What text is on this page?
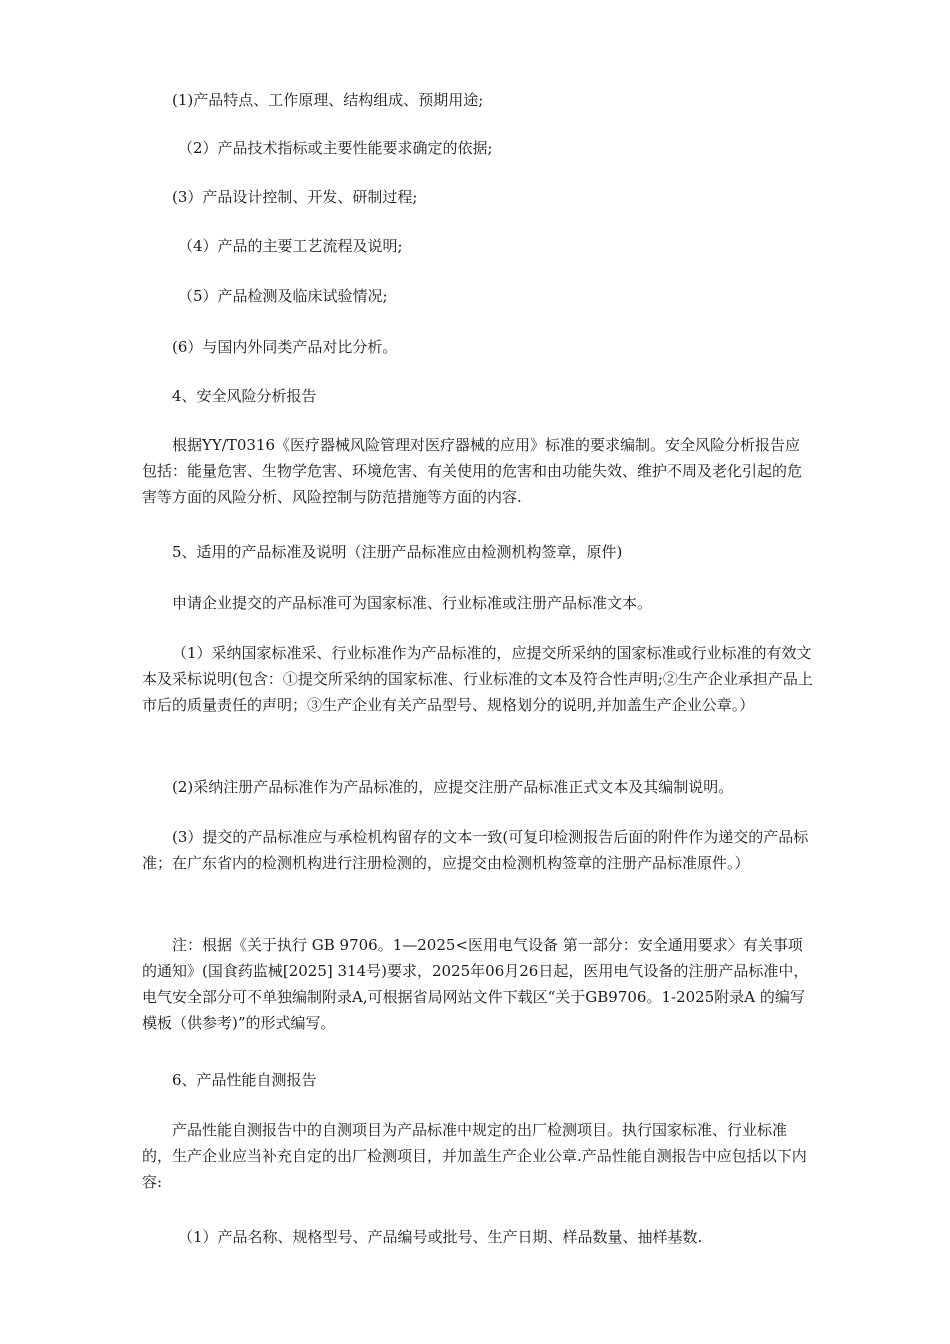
(1)产品特点、工作原理、结构组成、预期用途;

（2）产品技术指标或主要性能要求确定的依据;

(3）产品设计控制、开发、研制过程;

（4）产品的主要工艺流程及说明;

（5）产品检测及临床试验情况;

(6）与国内外同类产品对比分析。

4、安全风险分析报告

根据YY/T0316《医疗器械风险管理对医疗器械的应用》标准的要求编制。安全风险分析报告应包括：能量危害、生物学危害、环境危害、有关使用的危害和由功能失效、维护不周及老化引起的危害等方面的风险分析、风险控制与防范措施等方面的内容.

5、适用的产品标准及说明（注册产品标准应由检测机构签章，原件)

申请企业提交的产品标准可为国家标准、行业标准或注册产品标准文本。

（1）采纳国家标准采、行业标准作为产品标准的，应提交所采纳的国家标准或行业标准的有效文本及采标说明(包含：①提交所采纳的国家标准、行业标准的文本及符合性声明;②生产企业承担产品上市后的质量责任的声明；③生产企业有关产品型号、规格划分的说明,并加盖生产企业公章。）

(2)采纳注册产品标准作为产品标准的，应提交注册产品标准正式文本及其编制说明。

(3）提交的产品标准应与承检机构留存的文本一致(可复印检测报告后面的附件作为递交的产品标准；在广东省内的检测机构进行注册检测的，应提交由检测机构签章的注册产品标准原件。）

注：根据《关于执行 GB 9706。1—2025<医用电气设备 第一部分：安全通用要求〉有关事项的通知》(国食药监械[2025] 314号)要求，2025年06月26日起，医用电气设备的注册产品标准中，电气安全部分可不单独编制附录A,可根据省局网站文件下载区“关于GB9706。1-2025附录A 的编写模板（供参考)”的形式编写。

6、产品性能自测报告

产品性能自测报告中的自测项目为产品标准中规定的出厂检测项目。执行国家标准、行业标准的，生产企业应当补充自定的出厂检测项目，并加盖生产企业公章.产品性能自测报告中应包括以下内容:

（1）产品名称、规格型号、产品编号或批号、生产日期、样品数量、抽样基数.
